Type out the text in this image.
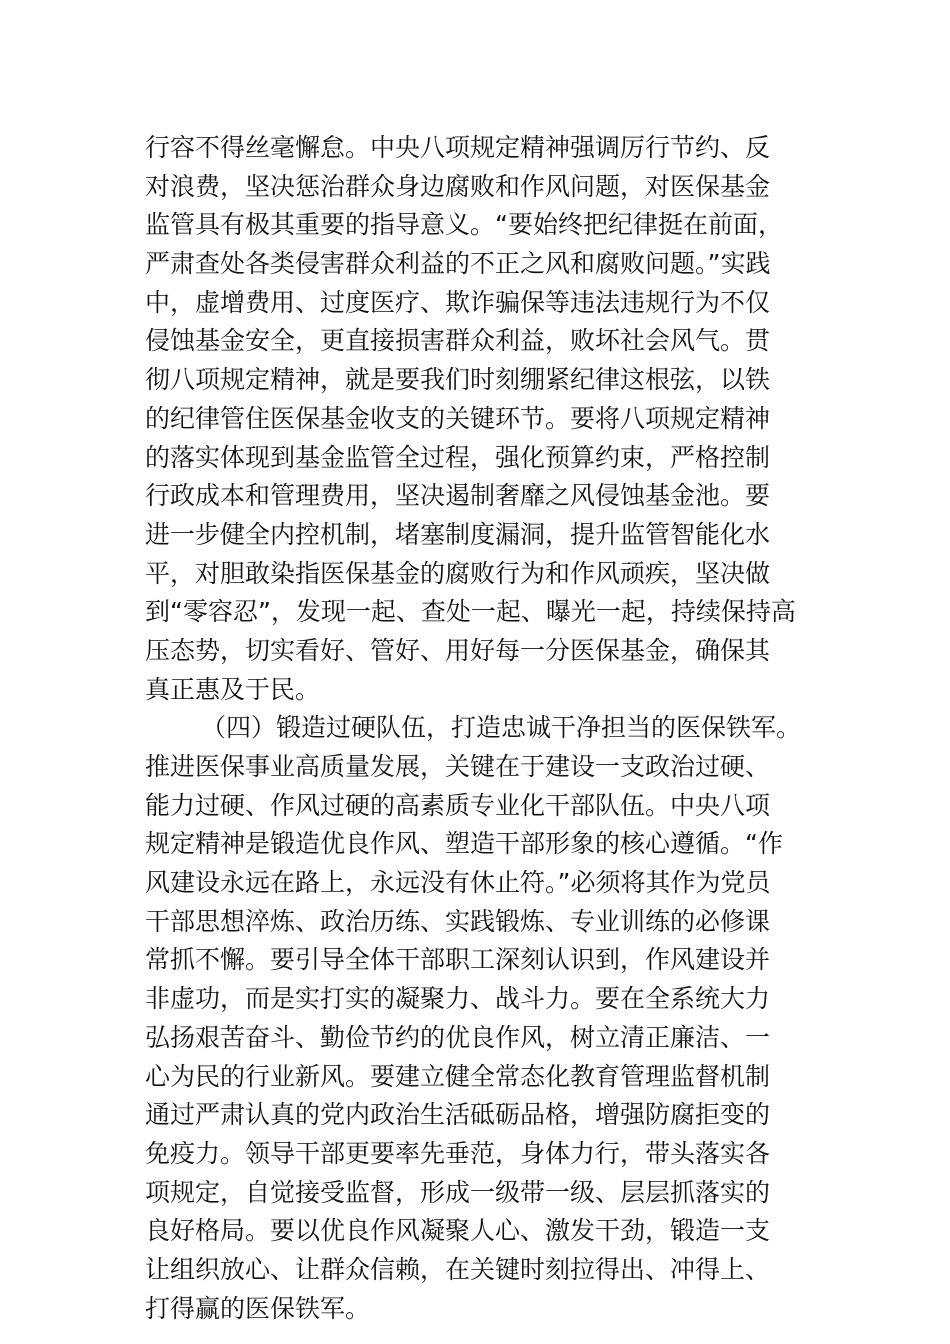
行容不得丝毫懈怠。中央八项规定精神强调厉行节约、反
对浪费，坚决惩治群众身边腐败和作风问题，对医保基金
监管具有极其重要的指导意义。“要始终把纪律挺在前面，
严肃查处各类侵害群众利益的不正之风和腐败问题。”实践
中，虚增费用、过度医疗、欺诈骗保等违法违规行为不仅
侵蚀基金安全，更直接损害群众利益，败坏社会风气。贯
彻八项规定精神，就是要我们时刻绷紧纪律这根弦，以铁
的纪律管住医保基金收支的关键环节。要将八项规定精神
的落实体现到基金监管全过程，强化预算约束，严格控制
行政成本和管理费用，坚决遏制奢靡之风侵蚀基金池。要
进一步健全内控机制，堵塞制度漏洞，提升监管智能化水
平，对胆敢染指医保基金的腐败行为和作风顽疾，坚决做
到“零容忍”，发现一起、查处一起、曝光一起，持续保持高
压态势，切实看好、管好、用好每一分医保基金，确保其
真正惠及于民。
（四）锻造过硬队伍，打造忠诚干净担当的医保铁军。
推进医保事业高质量发展，关键在于建设一支政治过硬、
能力过硬、作风过硬的高素质专业化干部队伍。中央八项
规定精神是锻造优良作风、塑造干部形象的核心遵循。“作
风建设永远在路上，永远没有休止符。”必须将其作为党员
干部思想淬炼、政治历练、实践锻炼、专业训练的必修课
常抓不懈。要引导全体干部职工深刻认识到，作风建设并
非虚功，而是实打实的凝聚力、战斗力。要在全系统大力
弘扬艰苦奋斗、勤俭节约的优良作风，树立清正廉洁、一
心为民的行业新风。要建立健全常态化教育管理监督机制
通过严肃认真的党内政治生活砥砺品格，增强防腐拒变的
免疫力。领导干部更要率先垂范，身体力行，带头落实各
项规定，自觉接受监督，形成一级带一级、层层抓落实的
良好格局。要以优良作风凝聚人心、激发干劲，锻造一支
让组织放心、让群众信赖，在关键时刻拉得出、冲得上、
打得赢的医保铁军。
